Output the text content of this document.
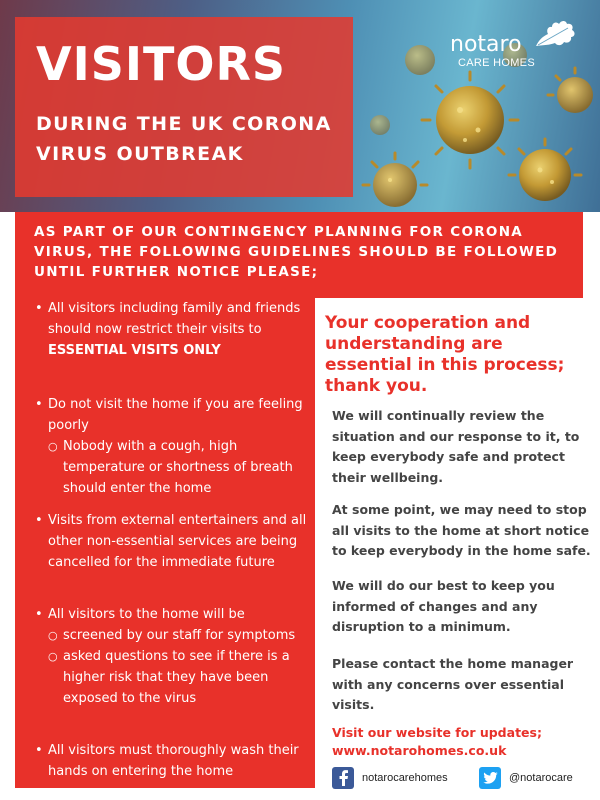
VISITORS

DURING THE UK CORONA VIRUS OUTBREAK

notaro
CARE HOMES

AS PART OF OUR CONTINGENCY PLANNING FOR CORONA VIRUS, THE FOLLOWING GUIDELINES SHOULD BE FOLLOWED UNTIL FURTHER NOTICE PLEASE;

• All visitors including family and friends should now restrict their visits to ESSENTIAL VISITS ONLY
• Do not visit the home if you are feeling poorly
○ Nobody with a cough, high temperature or shortness of breath should enter the home
• Visits from external entertainers and all other non-essential services are being cancelled for the immediate future
• All visitors to the home will be
○ screened by our staff for symptoms
○ asked questions to see if there is a higher risk that they have been exposed to the virus
• All visitors must thoroughly wash their hands on entering the home

Your cooperation and understanding are essential in this process; thank you.

We will continually review the situation and our response to it, to keep everybody safe and protect their wellbeing.

At some point, we may need to stop all visits to the home at short notice to keep everybody in the home safe.

We will do our best to keep you informed of changes and any disruption to a minimum.

Please contact the home manager with any concerns over essential visits.

Visit our website for updates;
www.notarohomes.co.uk

notarocarehomes	@notarocare
